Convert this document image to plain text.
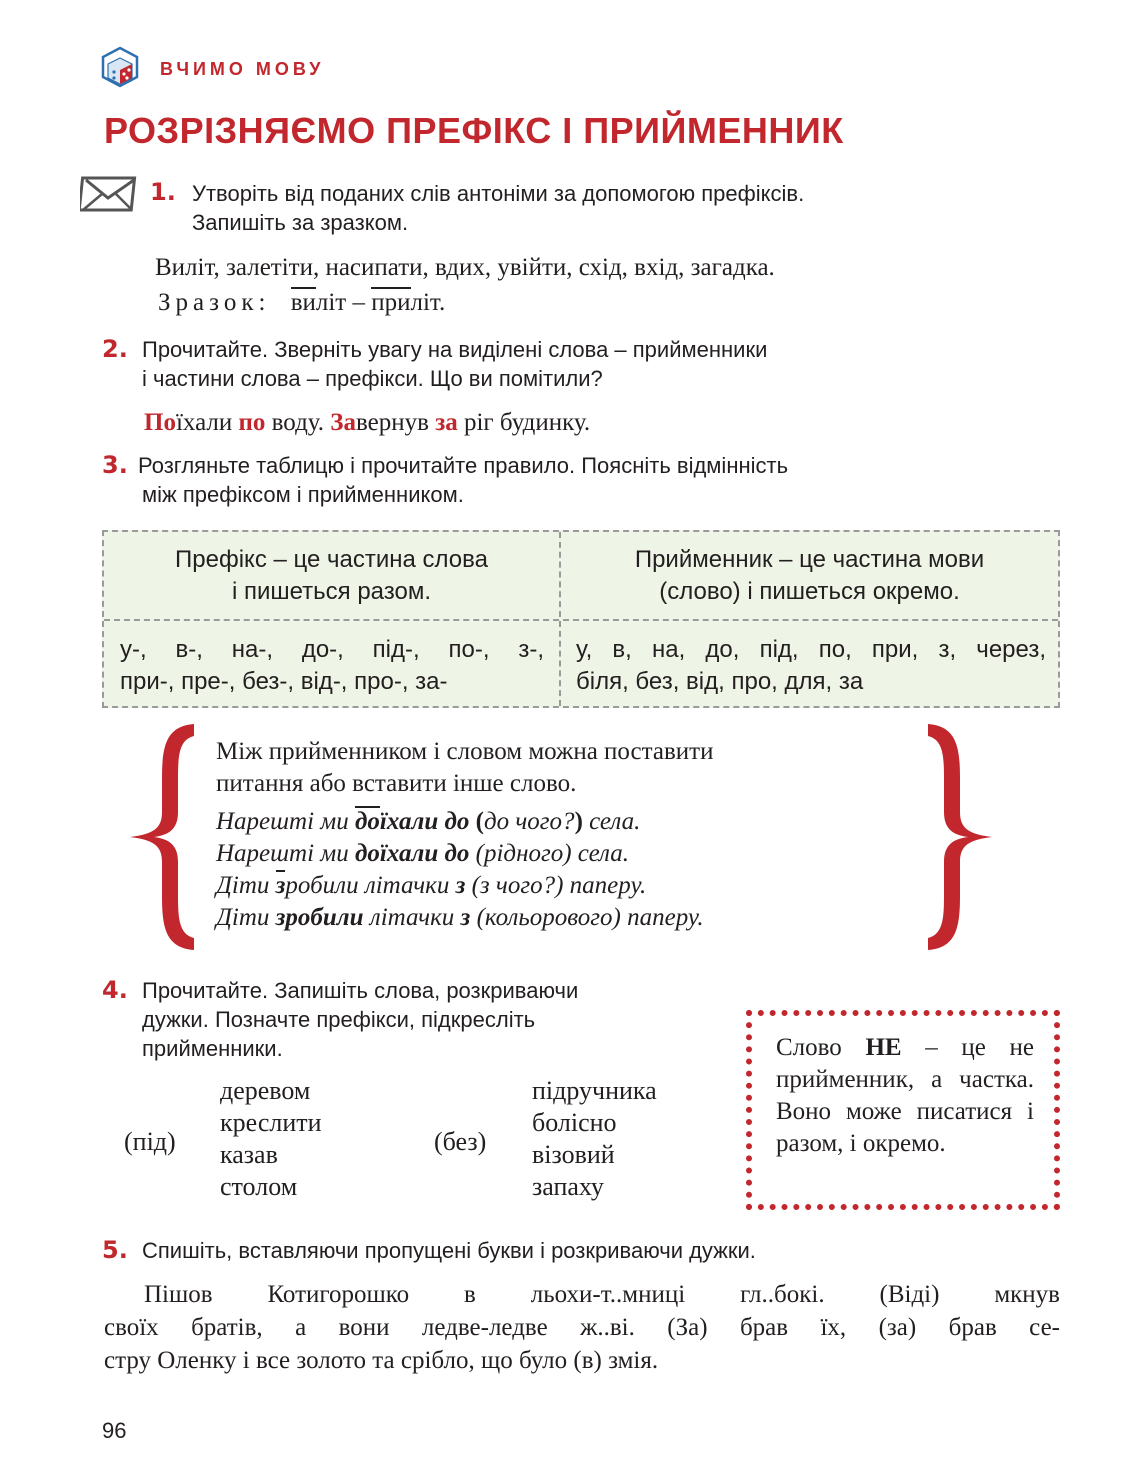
ВЧИМО МОВУ
РОЗРІЗНЯЄМО ПРЕФІКС І ПРИЙМЕННИК
1. Утворіть від поданих слів антоніми за допомогою префіксів.
Запишіть за зразком.
Виліт, залетіти, насипати, вдих, увійти, схід, вхід, загадка.
Зразок: виліт – приліт.
2. Прочитайте. Зверніть увагу на виділені слова – прийменники
і частини слова – префікси. Що ви помітили?
Поїхали по воду. Завернув за ріг будинку.
3. Розгляньте таблицю і прочитайте правило. Поясніть відмінність
між префіксом і прийменником.
Префікс – це частина слова
і пишеться разом.
Прийменник – це частина мови
(слово) і пишеться окремо.
у-, в-, на-, до-, під-, по-, з-,
при-, пре-, без-, від-, про-, за-
у, в, на, до, під, по, при, з, через,
біля, без, від, про, для, за
Між прийменником і словом можна поставити
питання або вставити інше слово.
Нарешті ми доїхали до (до чого?) села.
Нарешті ми доїхали до (рідного) села.
Діти зробили літачки з (з чого?) паперу.
Діти зробили літачки з (кольорового) паперу.
4. Прочитайте. Запишіть слова, розкриваючи
дужки. Позначте префікси, підкресліть
прийменники.
(під)
деревом
креслити
казав
столом
(без)
підручника
болісно
візовий
запаху
Слово НЕ – це не прийменник, а частка. Воно може писатися і разом, і окремо.
5. Спишіть, вставляючи пропущені букви і розкриваючи дужки.
Пішов Котигорошко в льохи-т..мниці гл..бокі. (Віді) мкнув
своїх братів, а вони ледве-ледве ж..ві. (За) брав їх, (за) брав се-
стру Оленку і все золото та срібло, що було (в) змія.
96
